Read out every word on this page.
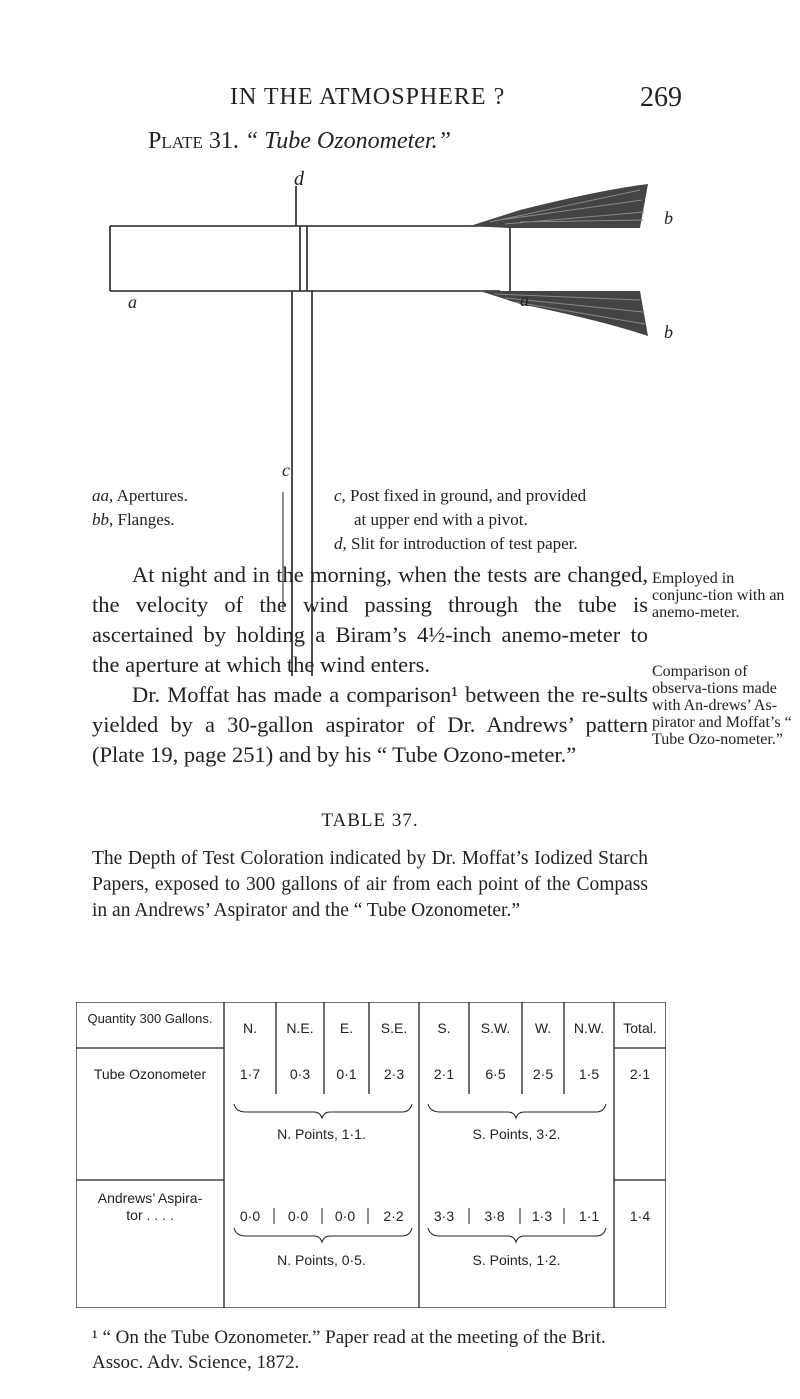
IN THE ATMOSPHERE ?	269
Plate 31. “ Tube Ozonometer.”
a
d
a
b
b
c
aa, Apertures.
bb, Flanges.
c, Post fixed in ground, and provided
at upper end with a pivot.
d, Slit for introduction of test paper.

At night and in the morning, when the tests are changed, the velocity of the wind passing through the tube is ascertained by holding a Biram’s 4½-inch anemo-meter to the aperture at which the wind enters.

Dr. Moffat has made a comparison¹ between the re-sults yielded by a 30-gallon aspirator of Dr. Andrews’ pattern (Plate 19, page 251) and by his “ Tube Ozono-meter.”

Employed in conjunc-tion with an anemo-meter.
Comparison of observa-tions made with An-drews’ As-pirator and Moffat’s “ Tube Ozo-nometer.”
TABLE 37.
The Depth of Test Coloration indicated by Dr. Moffat’s Iodized Starch Papers, exposed to 300 gallons of air from each point of the Compass in an Andrews’ Aspirator and the “ Tube Ozonometer.”
Quantity 300 Gallons.
N.	N.E.	E.	S.E.	S.	S.W.	W.	N.W.	Total.
Tube Ozonometer	1·7	0·3	0·1	2·3	2·1	6·5	2·5	1·5	2·1
N. Points, 1·1.	S. Points, 3·2.
Andrews’ Aspira-
tor . . . .	0·0	0·0	0·0	2·2	3·3	3·8	1·3	1·1	1·4
N. Points, 0·5.	S. Points, 1·2.
¹ “ On the Tube Ozonometer.” Paper read at the meeting of the Brit. Assoc. Adv. Science, 1872.
